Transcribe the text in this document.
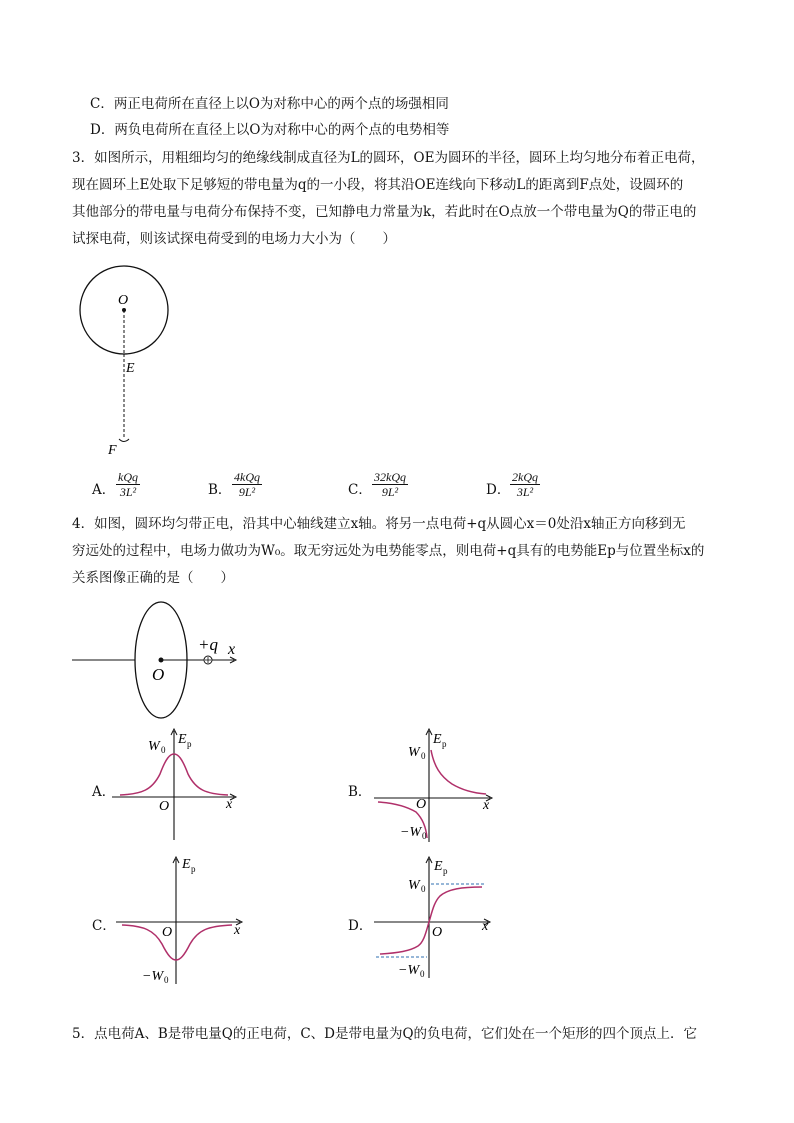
C．两正电荷所在直径上以O为对称中心的两个点的场强相同
D．两负电荷所在直径上以O为对称中心的两个点的电势相等
3．如图所示，用粗细均匀的绝缘线制成直径为L的圆环，OE为圆环的半径，圆环上均匀地分布着正电荷，
现在圆环上E处取下足够短的带电量为q的一小段，将其沿OE连线向下移动L的距离到F点处，设圆环的
其他部分的带电量与电荷分布保持不变，已知静电力常量为k，若此时在O点放一个带电量为Q的带正电的
试探电荷，则该试探电荷受到的电场力大小为（　　）
O
E
F
A．
kQq
3L²	B．
4kQq
9L²	C．
32kQq
9L²	D．
2kQq
3L²
4．如图，圆环均匀带正电，沿其中心轴线建立x轴。将另一点电荷+q从圆心x＝0处沿x轴正方向移到无
穷远处的过程中，电场力做功为W₀。取无穷远处为电势能零点，则电荷+q具有的电势能Ep与位置坐标x的
关系图像正确的是（　　）
+q x
O
A．
E p
W 0
O	x
B．
E p
W 0
O
−W 0
x
C．
E p
O
−W 0
x	D．
E p
W 0
O
−W 0
x
5．点电荷A、B是带电量Q的正电荷，C、D是带电量为Q的负电荷，它们处在一个矩形的四个顶点上．它
